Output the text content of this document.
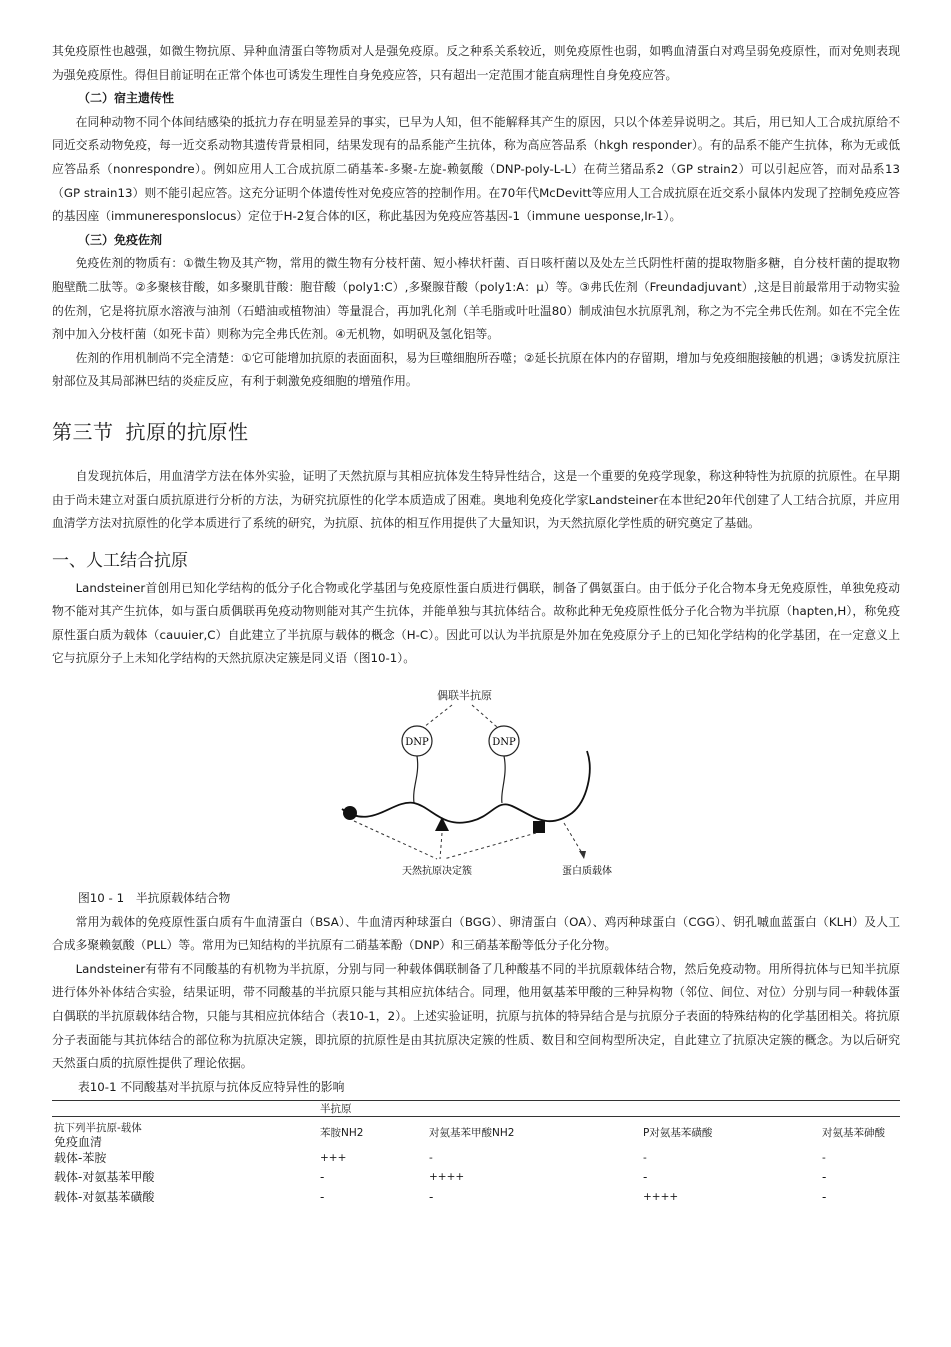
其免疫原性也越强，如微生物抗原、异种血清蛋白等物质对人是强免疫原。反之种系关系较近，则免疫原性也弱，如鸭血清蛋白对鸡呈弱免疫原性，而对免则表现为强免疫原性。得但目前证明在正常个体也可诱发生理性自身免疫应答，只有超出一定范围才能直病理性自身免疫应答。

（二）宿主遗传性

在同种动物不同个体间结感染的抵抗力存在明显差异的事实，已早为人知，但不能解释其产生的原因，只以个体差异说明之。其后，用已知人工合成抗原给不同近交系动物免疫，每一近交系动物其遗传背景相同，结果发现有的品系能产生抗体，称为高应答品系（hkgh responder）。有的品系不能产生抗体，称为无或低应答品系（nonrespondre）。例如应用人工合成抗原二硝基苯-多聚-左旋-赖氨酸（DNP-poly-L-L）在荷兰猪品系2（GP strain2）可以引起应答，而对品系13（GP strain13）则不能引起应答。这充分证明个体遗传性对免疫应答的控制作用。在70年代McDevitt等应用人工合成抗原在近交系小鼠体内发现了控制免疫应答的基因座（immuneresponslocus）定位于H-2复合体的I区，称此基因为免疫应答基因-1（immune uesponse,Ir-1）。

（三）免疫佐剂

免疫佐剂的物质有：①微生物及其产物，常用的微生物有分枝杆菌、短小棒状杆菌、百日咳杆菌以及处左兰氏阴性杆菌的提取物脂多糖，自分枝杆菌的提取物胞壁酰二肽等。②多聚核苷酸，如多聚肌苷酸：胞苷酸（poly1:C）,多聚腺苷酸（poly1:A：μ）等。③弗氏佐剂（Freundadjuvant）,这是目前最常用于动物实验的佐剂，它是将抗原水溶液与油剂（石蜡油或植物油）等量混合，再加乳化剂（羊毛脂或叶吐温80）制成油包水抗原乳剂，称之为不完全弗氏佐剂。如在不完全佐剂中加入分枝杆菌（如死卡苗）则称为完全弗氏佐剂。④无机物，如明矾及氢化铝等。

佐剂的作用机制尚不完全清楚：①它可能增加抗原的表面面积，易为巨噬细胞所吞噬；②延长抗原在体内的存留期，增加与免疫细胞接触的机遇；③诱发抗原注射部位及其局部淋巴结的炎症反应，有利于刺激免疫细胞的增殖作用。

第三节 抗原的抗原性

自发现抗体后，用血清学方法在体外实验，证明了天然抗原与其相应抗体发生特异性结合，这是一个重要的免疫学现象，称这种特性为抗原的抗原性。在早期由于尚未建立对蛋白质抗原进行分析的方法，为研究抗原性的化学本质造成了困难。奥地利免疫化学家Landsteiner在本世纪20年代创建了人工结合抗原，并应用血清学方法对抗原性的化学本质进行了系统的研究，为抗原、抗体的相互作用提供了大量知识，为天然抗原化学性质的研究奠定了基础。

一、人工结合抗原

Landsteiner首创用已知化学结构的低分子化合物或化学基团与免疫原性蛋白质进行偶联，制备了偶氨蛋白。由于低分子化合物本身无免疫原性，单独免疫动物不能对其产生抗体，如与蛋白质偶联再免疫动物则能对其产生抗体，并能单独与其抗体结合。故称此种无免疫原性低分子化合物为半抗原（hapten,H），称免疫原性蛋白质为载体（cauuier,C）自此建立了半抗原与载体的概念（H-C）。因此可以认为半抗原是外加在免疫原分子上的已知化学结构的化学基团，在一定意义上它与抗原分子上未知化学结构的天然抗原决定簇是同义语（图10-1）。

偶联半抗原
DNP	DNP
天然抗原决定簇	蛋白质载体
图10 - 1　半抗原载体结合物

常用为载体的免疫原性蛋白质有牛血清蛋白（BSA）、牛血清丙种球蛋白（BGG）、卵清蛋白（OA）、鸡丙种球蛋白（CGG）、钥孔嘁血蓝蛋白（KLH）及人工合成多聚赖氨酸（PLL）等。常用为已知结构的半抗原有二硝基苯酚（DNP）和三硝基苯酚等低分子化分物。

Landsteiner有带有不同酸基的有机物为半抗原，分别与同一种载体偶联制备了几种酸基不同的半抗原载体结合物，然后免疫动物。用所得抗体与已知半抗原进行体外补体结合实验，结果证明，带不同酸基的半抗原只能与其相应抗体结合。同理，他用氨基苯甲酸的三种异构物（邻位、间位、对位）分别与同一种载体蛋白偶联的半抗原载体结合物，只能与其相应抗体结合（表10-1，2）。上述实验证明，抗原与抗体的特异结合是与抗原分子表面的特殊结构的化学基团相关。将抗原分子表面能与其抗体结合的部位称为抗原决定簇，即抗原的抗原性是由其抗原决定簇的性质、数目和空间构型所决定，自此建立了抗原决定簇的概念。为以后研究天然蛋白质的抗原性提供了理论依据。

表10-1 不同酸基对半抗原与抗体反应特异性的影响
	半抗原			

抗下列半抗原-载体
免疫血清	苯胺NH2	对氨基苯甲酸NH2	P对氨基苯磺酸	对氨基苯砷酸
载体-苯胺	+++	-	-	-
载体-对氨基苯甲酸	-	++++	-	-
载体-对氨基苯磺酸	-	-	++++	-
